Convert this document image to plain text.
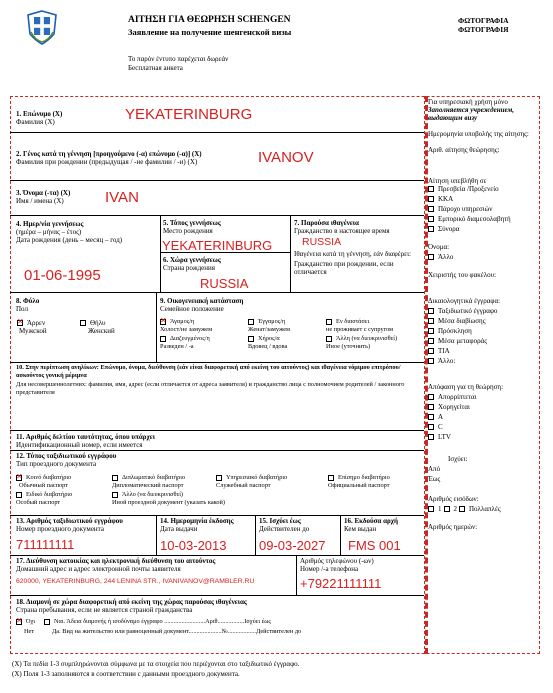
ΑΙΤΗΣΗ ΓΙΑ ΘΕΩΡΗΣΗ SCHENGEN
Заявление на получение шенгенской визы
Το παρόν έντυπο παρέχεται δωρεάν
Бесплатная анкета
ΦΩΤΟΓΡΑΦΙΑ
ΦΩΤΟΓΡΑΦΙЯ
1. Επώνυμο (X)
Фамилия (X)	YEKATERINBURG
2. Γένος κατά τη γέννηση [προηγούμενο (-α) επώνυμο (-α)] (X)
Фамилия при рождении (предыдущая / -ие фамилии / -и) (X)	IVANOV
3. Όνομα (-τα) (X)
Имя / имена (X)	IVAN
4. Ημερ/νία γεννήσεως
(ημέρα – μήνας – έτος)
Дата рождения (день – месяц – год)
01-06-1995
5. Τόπος γεννήσεως
Место рождения
YEKATERINBURG
6. Χώρα γεννήσεως
Страна рождения
RUSSIA
7. Παρούσα ιθαγένεια
Гражданство в настоящее время
RUSSIA
Ιθαγένεια κατά τη γέννηση, εάν διαφέρει:
Гражданство при рождении, если отличается
8. Φύλο
Пол
✕
Άρρεν
Мужской
Θήλυ
Женский
9. Οικογενειακή κατάσταση
Семейное положение
✕
Άγαμος/η	Έγγαμος/η	Εν διαστάσει
Холост/не замужем	Женат/замужем	не проживает с супругом
Διαζευγμένος/η	Χήρος/α	Άλλη (να διευκρινισθεί)
Разведен / -а	Вдовец / вдова	Иное (уточнить)
10. Στην περίπτωση ανηλίκων: Επώνυμο, όνομα, διεύθυνση (εάν είναι διαφορετική από εκείνη του αιτούντος) και ιθαγένεια νόμιμου επιτρόπου/ασκούντος γονική μέριμνα
Для несовершеннолетних: фамилия, имя, адрес (если отличается от адреса заявителя) и гражданство лица с полномочием родителей / законного представителя
11. Αριθμός δελτίου ταυτότητας, όπου υπάρχει
Идентификационный номер, если имеется
12. Τύπος ταξιδιωτικού εγγράφου
Тип проездного документа
✕
Κοινό διαβατήριο	Διπλωματικό διαβατήριο	Υπηρεσιακό διαβατήριο	Επίσημο διαβατήριο
Обычный паспорт	Дипломатический паспорт	Служебный паспорт	Официальный паспорт
Ειδικό διαβατήριο	Άλλο (να διευκρινισθεί)
Особый паспорт	Иной проездной документ (указать какой)
13. Αριθμός ταξιδιωτικού εγγράφου
Номер проездного документа
711111111
14. Ημερομηνία έκδοσης
Дата выдачи
10-03-2013
15. Ισχύει έως
Действителен до
09-03-2027
16. Εκδούσα αρχή
Кем выдан
FMS 001
17. Διεύθυνση κατοικίας και ηλεκτρονική διεύθυνση του αιτούντος
Домашний адрес и адрес электронной почты заявителя
620000, YEKATERINBURG, 244 LENINA STR., IVANIVANOV@RAMBLER.RU
Αριθμός τηλεφώνου (-ων)
Номер /-а телефона
+79221111111
18. Διαμονή σε χώρα διαφορετική από εκείνη της χώρας παρούσας ιθαγένειας
Страна пребывания, если не является страной гражданства
✕
Όχι	Ναι. Άδεια διαμονής ή ισοδύναμο έγγραφο ..........................Αριθ.................Ισχύει έως
Нет	Да. Вид на жительство или равноценный документ.....................№..................Действителен до
Για υπηρεσιακή χρήση μόνο
Заполняется учреждением, выдающим визу
Ημερομηνία υποβολής της αίτησης:
Αριθ. αίτησης θεώρησης:
Αίτηση υπεβλήθη σε
Πρεσβεία /Προξενείο
ΚΚΑ
Πάροχο υπηρεσιών
Εμπορικό διαμεσολαβητή
Σύνορα
Όνομα:
Άλλο
Χειριστής του φακέλου:
Δικαιολογητικά έγγραφα:
Ταξιδιωτικό έγγραφο
Μέσα διαβίωσης
Πρόσκληση
Μέσα μεταφοράς
ΤΙΑ
Άλλο:
Απόφαση για τη θεώρηση:
Απορρίπτεται
Χορηγείται
A
C
LTV
Ισχύει:
Από
Έως
Αριθμός εισόδων:
1 2 Πολλαπλές
Αριθμός ημερών:
(X) Τα πεδία 1-3 συμπληρώνονται σύμφωνα με τα στοιχεία που περιέχονται στο ταξιδιωτικό έγγραφο.
(X) Поля 1-3 заполняются в соответствии с данными проездного документа.
